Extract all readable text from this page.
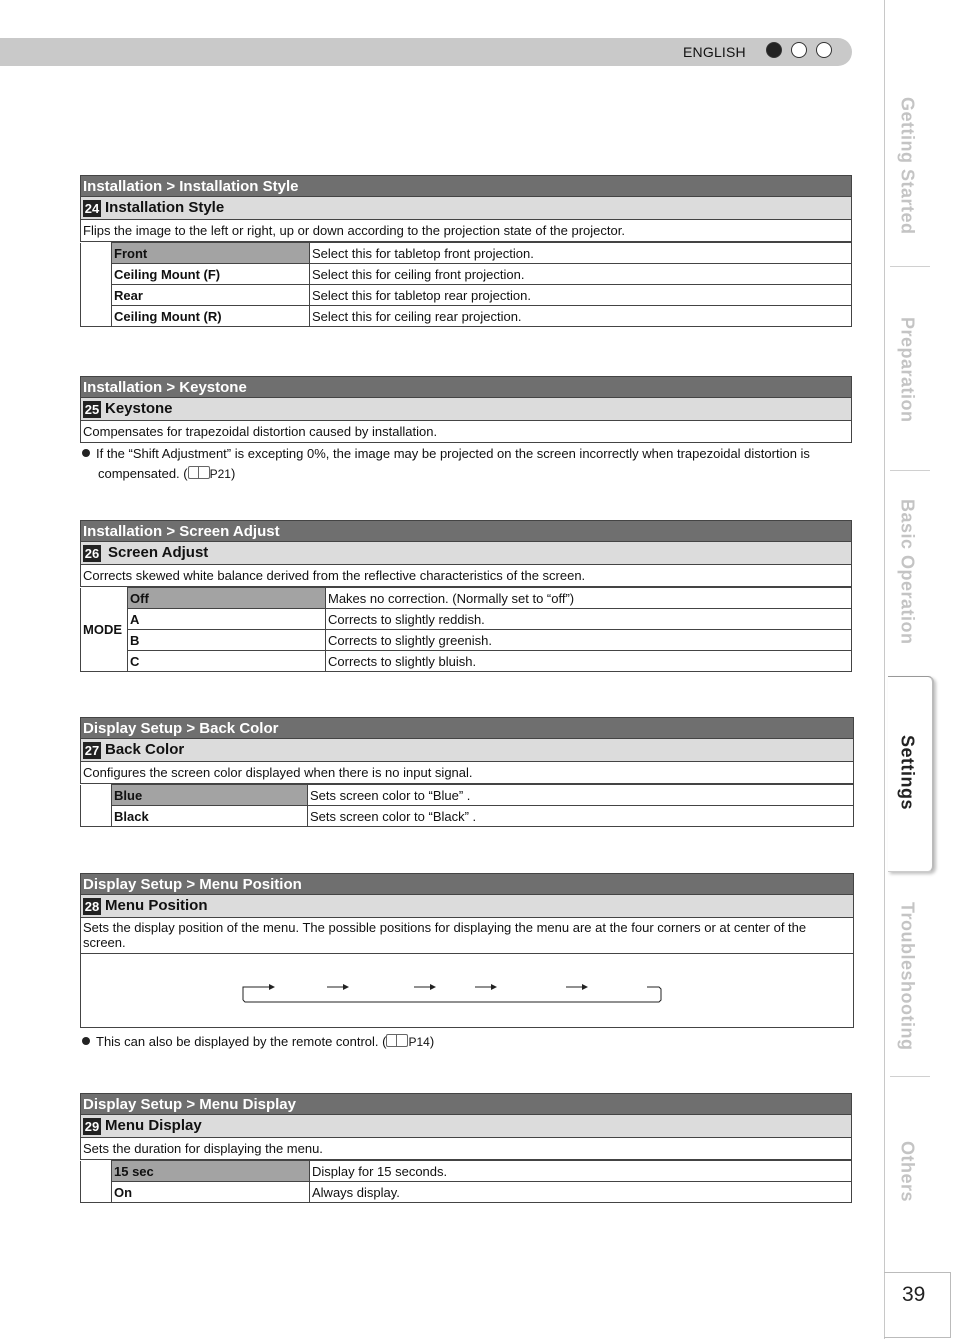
ENGLISH
Getting Started
Preparation
Basic Operation
Settings
Troubleshooting
Others
39
Installation > Installation Style
24 Installation Style
Flips the image to the left or right, up or down according to the projection state of the projector.
	Front	Select this for tabletop front projection.
	Ceiling Mount (F)	Select this for ceiling front projection.
	Rear	Select this for tabletop rear projection.
	Ceiling Mount (R)	Select this for ceiling rear projection.
Installation > Keystone
25 Keystone
Compensates for trapezoidal distortion caused by installation.
If the “Shift Adjustment” is excepting 0%, the image may be projected on the screen incorrectly when trapezoidal distortion is
compensated. ( P21)
Installation > Screen Adjust
26 Screen Adjust
Corrects skewed white balance derived from the reflective characteristics of the screen.
MODE	Off	Makes no correction. (Normally set to “off”)
	A	Corrects to slightly reddish.
	B	Corrects to slightly greenish.
	C	Corrects to slightly bluish.
Display Setup > Back Color
27 Back Color
Configures the screen color displayed when there is no input signal.
	Blue	Sets screen color to “Blue” .
	Black	Sets screen color to “Black” .
Display Setup > Menu Position
28 Menu Position
Sets the display position of the menu. The possible positions for displaying the menu are at the four corners or at center of the screen.
This can also be displayed by the remote control. ( P14)
Display Setup > Menu Display
29 Menu Display
Sets the duration for displaying the menu.
	15 sec	Display for 15 seconds.
	On	Always display.
